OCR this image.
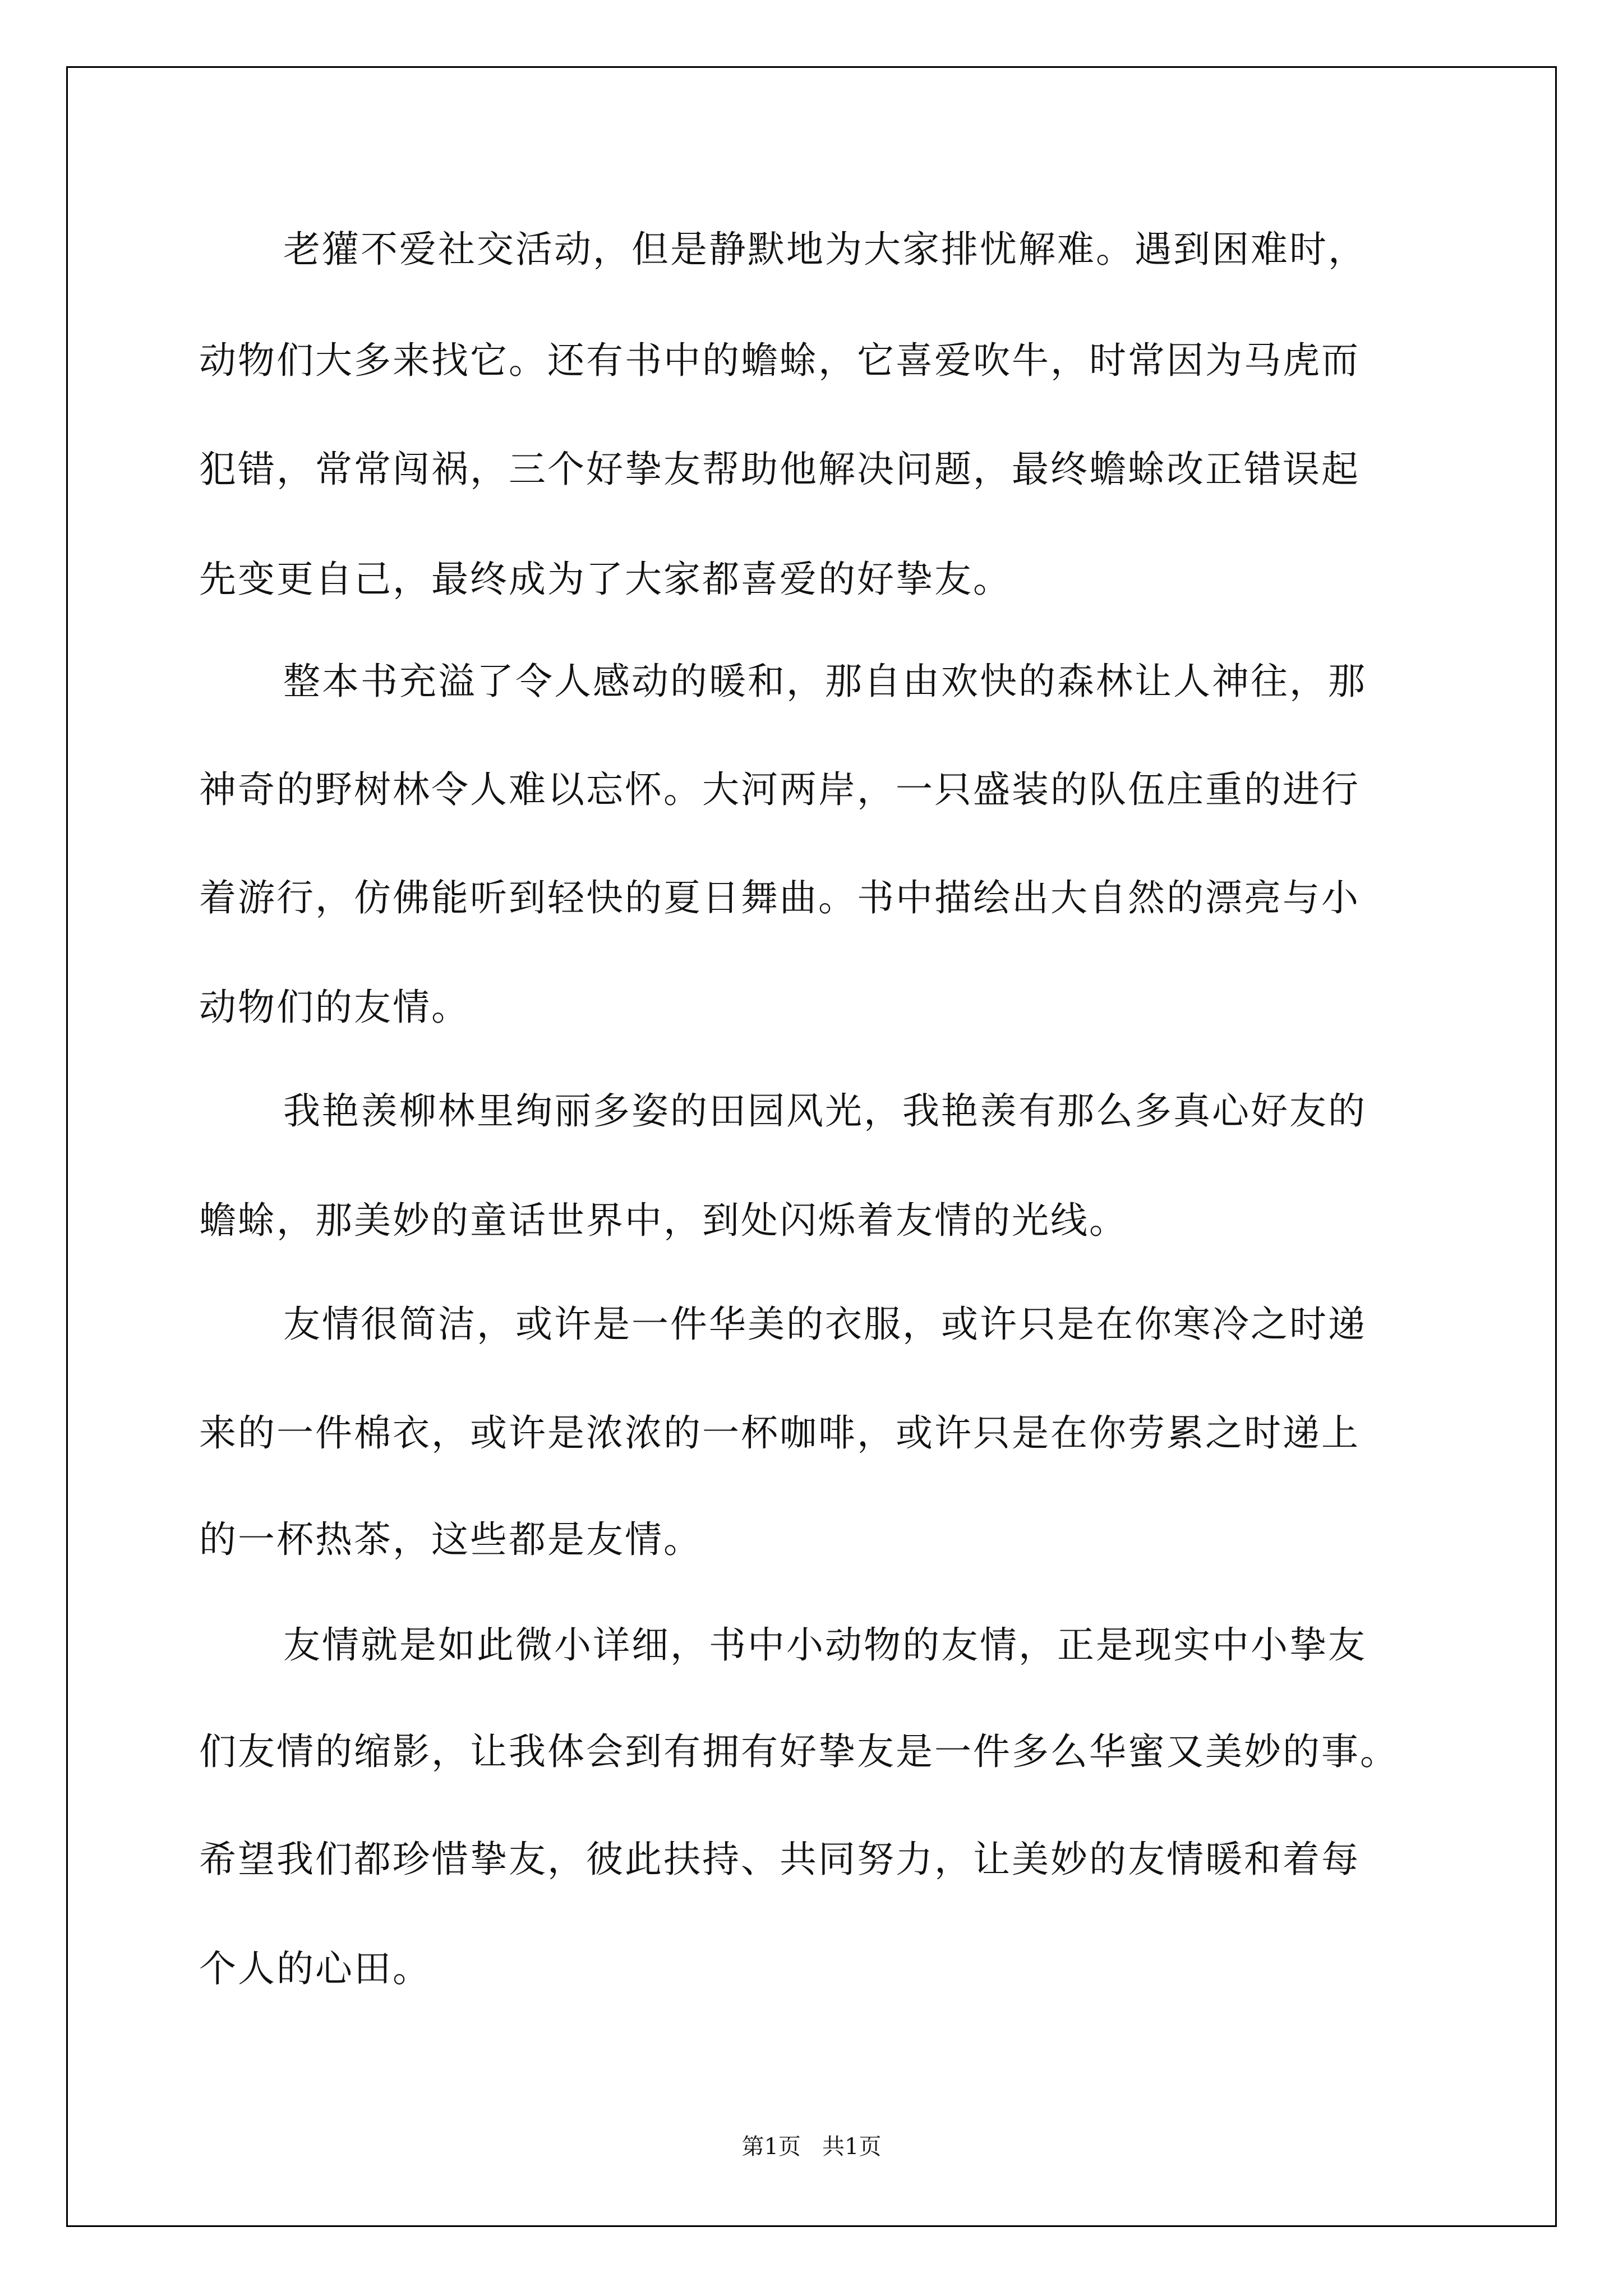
老獾不爱社交活动，但是静默地为大家排忧解难。遇到困难时，

动物们大多来找它。还有书中的蟾蜍，它喜爱吹牛，时常因为马虎而

犯错，常常闯祸，三个好挚友帮助他解决问题，最终蟾蜍改正错误起

先变更自己，最终成为了大家都喜爱的好挚友。

整本书充溢了令人感动的暖和，那自由欢快的森林让人神往，那

神奇的野树林令人难以忘怀。大河两岸，一只盛装的队伍庄重的进行

着游行，仿佛能听到轻快的夏日舞曲。书中描绘出大自然的漂亮与小

动物们的友情。

我艳羡柳林里绚丽多姿的田园风光，我艳羡有那么多真心好友的

蟾蜍，那美妙的童话世界中，到处闪烁着友情的光线。

友情很简洁，或许是一件华美的衣服，或许只是在你寒冷之时递

来的一件棉衣，或许是浓浓的一杯咖啡，或许只是在你劳累之时递上

的一杯热茶，这些都是友情。

友情就是如此微小详细，书中小动物的友情，正是现实中小挚友

们友情的缩影，让我体会到有拥有好挚友是一件多么华蜜又美妙的事。

希望我们都珍惜挚友，彼此扶持、共同努力，让美妙的友情暖和着每

个人的心田。

第1页   共1页
